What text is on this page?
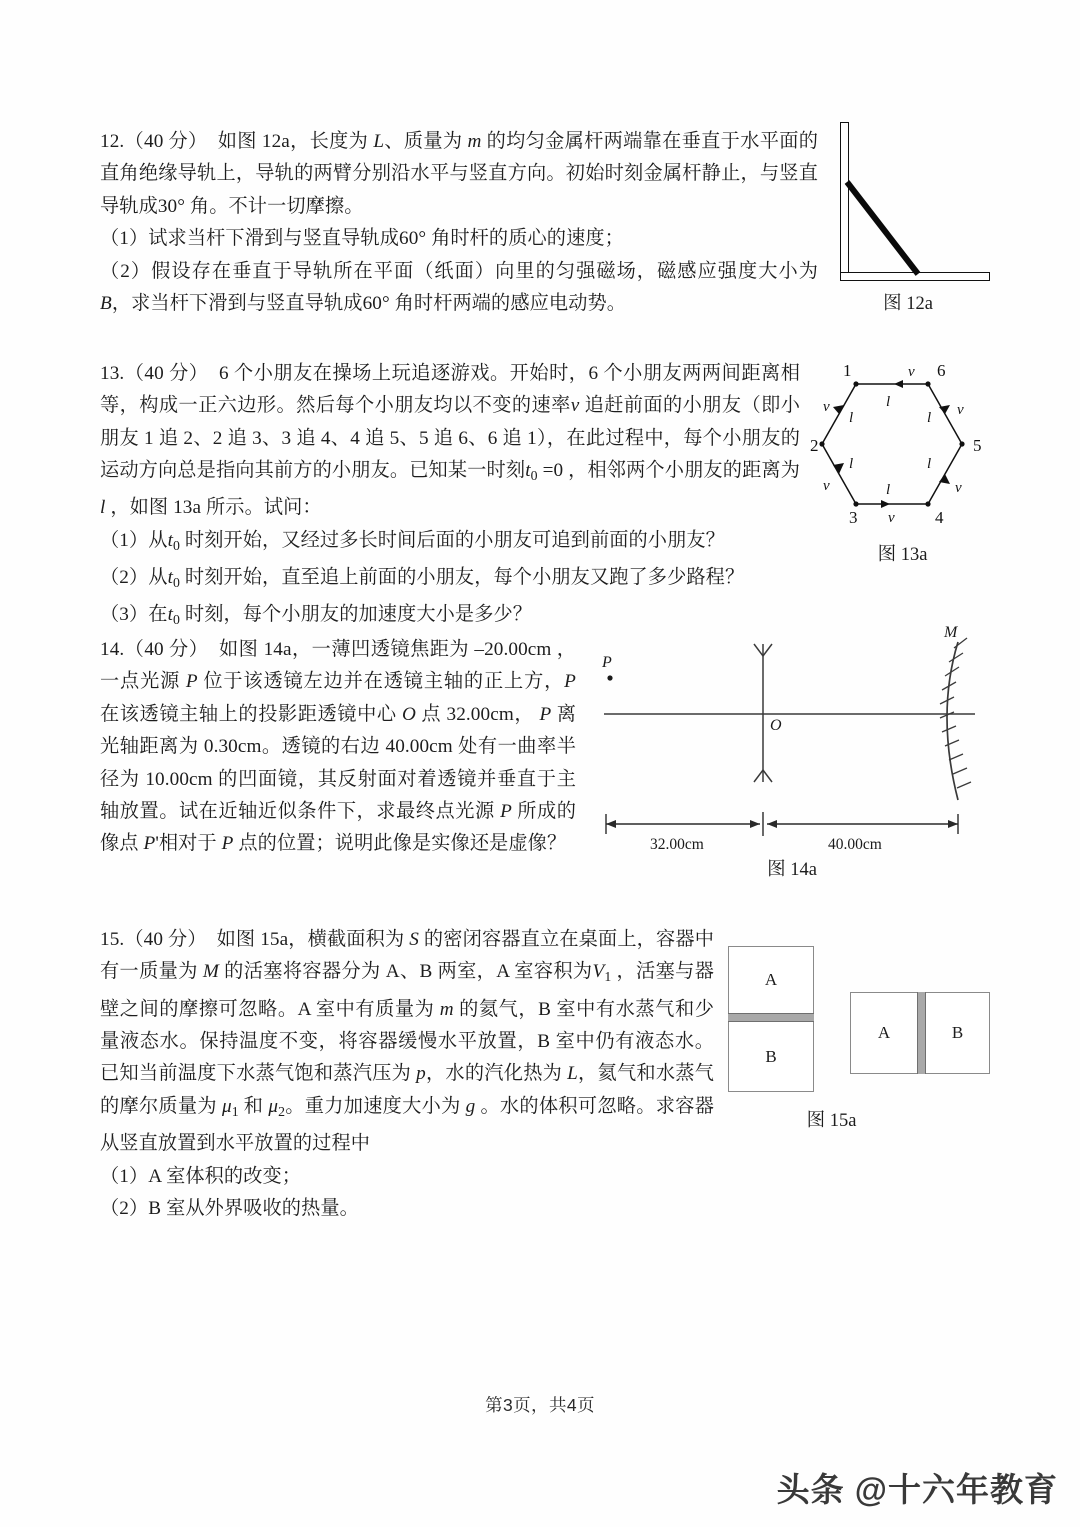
12.（40 分）  如图 12a，长度为 L、质量为 m 的均匀金属杆两端靠在垂直于水平面的直角绝缘导轨上，导轨的两臂分别沿水平与竖直方向。初始时刻金属杆静止，与竖直导轨成30° 角。不计一切摩擦。

（1）试求当杆下滑到与竖直导轨成60° 角时杆的质心的速度；

（2）假设存在垂直于导轨所在平面（纸面）向里的匀强磁场，磁感应强度大小为 B，求当杆下滑到与竖直导轨成60° 角时杆两端的感应电动势。	图 12a

13.（40 分）  6 个小朋友在操场上玩追逐游戏。开始时，6 个小朋友两两间距离相等，构成一正六边形。然后每个小朋友均以不变的速率v 追赶前面的小朋友（即小朋友 1 追 2、2 追 3、3 追 4、4 追 5、5 追 6、6 追 1），在此过程中，每个小朋友的运动方向总是指向其前方的小朋友。已知某一时刻$t_0 =0$ ，相邻两个小朋友的距离为l ，如图 13a 所示。试问：

（1）从$t_0$ 时刻开始，又经过多长时间后面的小朋友可追到前面的小朋友？

（2）从$t_0$ 时刻开始，直至追上前面的小朋友，每个小朋友又跑了多少路程？

（3）在$t_0$ 时刻，每个小朋友的加速度大小是多少？

1	6
5
4
3
2
v
v
v
v
v
v
l
l
l
l
l
l
图 13a

14.（40 分）  如图 14a，一薄凹透镜焦距为 –20.00cm ，一点光源 P 位于该透镜左边并在透镜主轴的正上方，P 在该透镜主轴上的投影距透镜中心 O 点 32.00cm， P 离光轴距离为 0.30cm。透镜的右边 40.00cm 处有一曲率半径为 10.00cm 的凹面镜，其反射面对着透镜并垂直于主轴放置。试在近轴近似条件下，求最终点光源 P 所成的像点 P'相对于 P 点的位置；说明此像是实像还是虚像？

P
O
M
32.00cm	40.00cm
图 14a

15.（40 分）  如图 15a，横截面积为 S 的密闭容器直立在桌面上，容器中有一质量为 M 的活塞将容器分为 A、B 两室，A 室容积为$V_1$ ，活塞与器壁之间的摩擦可忽略。A 室中有质量为 m 的氦气，B 室中有水蒸气和少量液态水。保持温度不变，将容器缓慢水平放置，B 室中仍有液态水。已知当前温度下水蒸气饱和蒸汽压为 p，水的汽化热为 L，氦气和水蒸气的摩尔质量为 $\mu_1$ 和 $\mu_2$。重力加速度大小为 g 。水的体积可忽略。求容器从竖直放置到水平放置的过程中

（1）A 室体积的改变；

（2）B 室从外界吸收的热量。

A
B
A	B
图 15a
第3页，共4页
头条 @十六年教育
